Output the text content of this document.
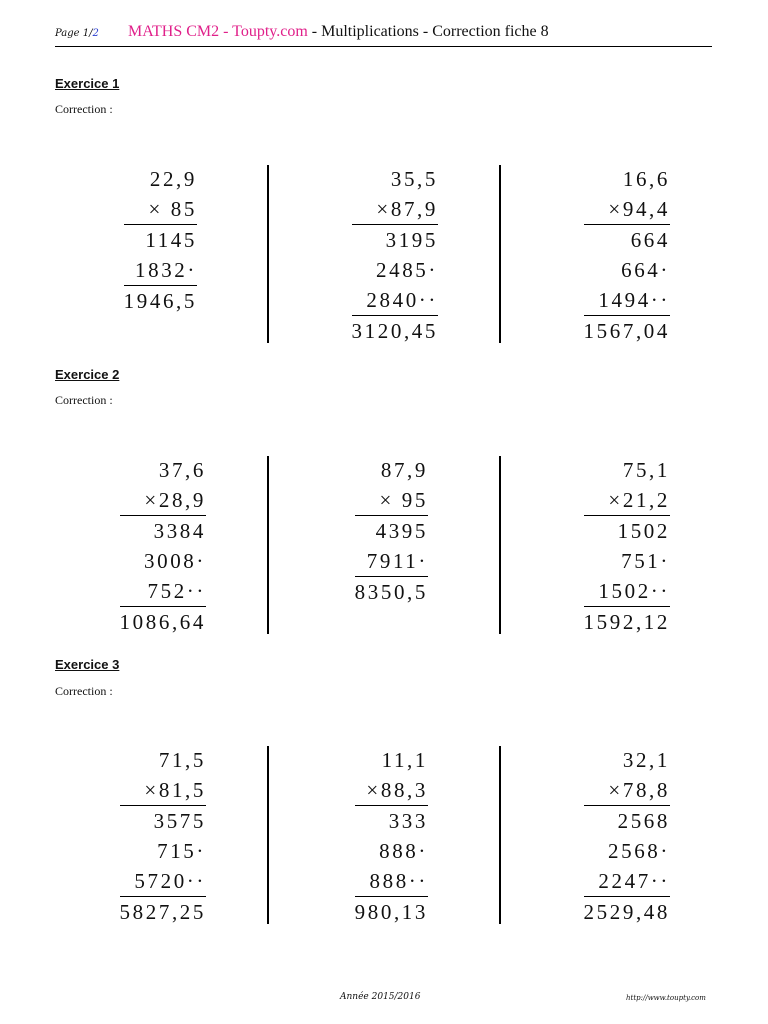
Page 1/2 MATHS CM2 - Toupty.com - Multiplications - Correction fiche 8
Exercice 1
Correction :
Exercice 2
Correction :
Exercice 3
Correction :
22,9
× 85
1145
1832·
1946,5
35,5
×87,9
3195
2485·
2840··
3120,45
16,6
×94,4
664
664·
1494··
1567,04
37,6
×28,9
3384
3008·
752··
1086,64
87,9
× 95
4395
7911·
8350,5
75,1
×21,2
1502
751·
1502··
1592,12
71,5
×81,5
3575
715·
5720··
5827,25
11,1
×88,3
333
888·
888··
980,13
32,1
×78,8
2568
2568·
2247··
2529,48
Année 2015/2016	http://www.toupty.com
